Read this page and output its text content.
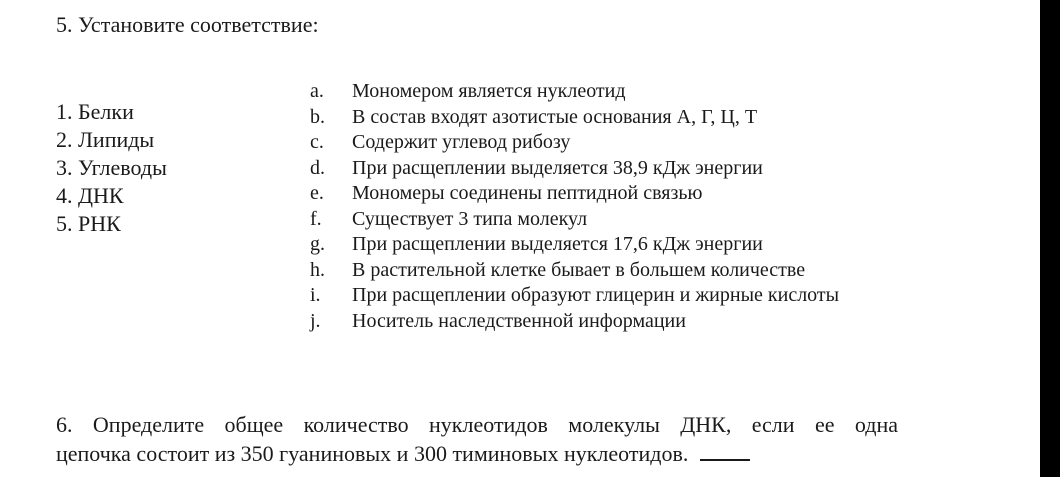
5. Установите соответствие:
1. Белки
2. Липиды
3. Углеводы
4. ДНК
5. РНК
a.	Мономером является нуклеотид
b.	В состав входят азотистые основания А, Г, Ц, Т
c.	Содержит углевод рибозу
d.	При расщеплении выделяется 38,9 кДж энергии
e.	Мономеры соединены пептидной связью
f.	Существует 3 типа молекул
g.	При расщеплении выделяется 17,6 кДж энергии
h.	В растительной клетке бывает в большем количестве
i.	При расщеплении образуют глицерин и жирные кислоты
j.	Носитель наследственной информации
6. Определите общее количество нуклеотидов молекулы ДНК, если ее одна
цепочка состоит из 350 гуаниновых и 300 тиминовых нуклеотидов.
